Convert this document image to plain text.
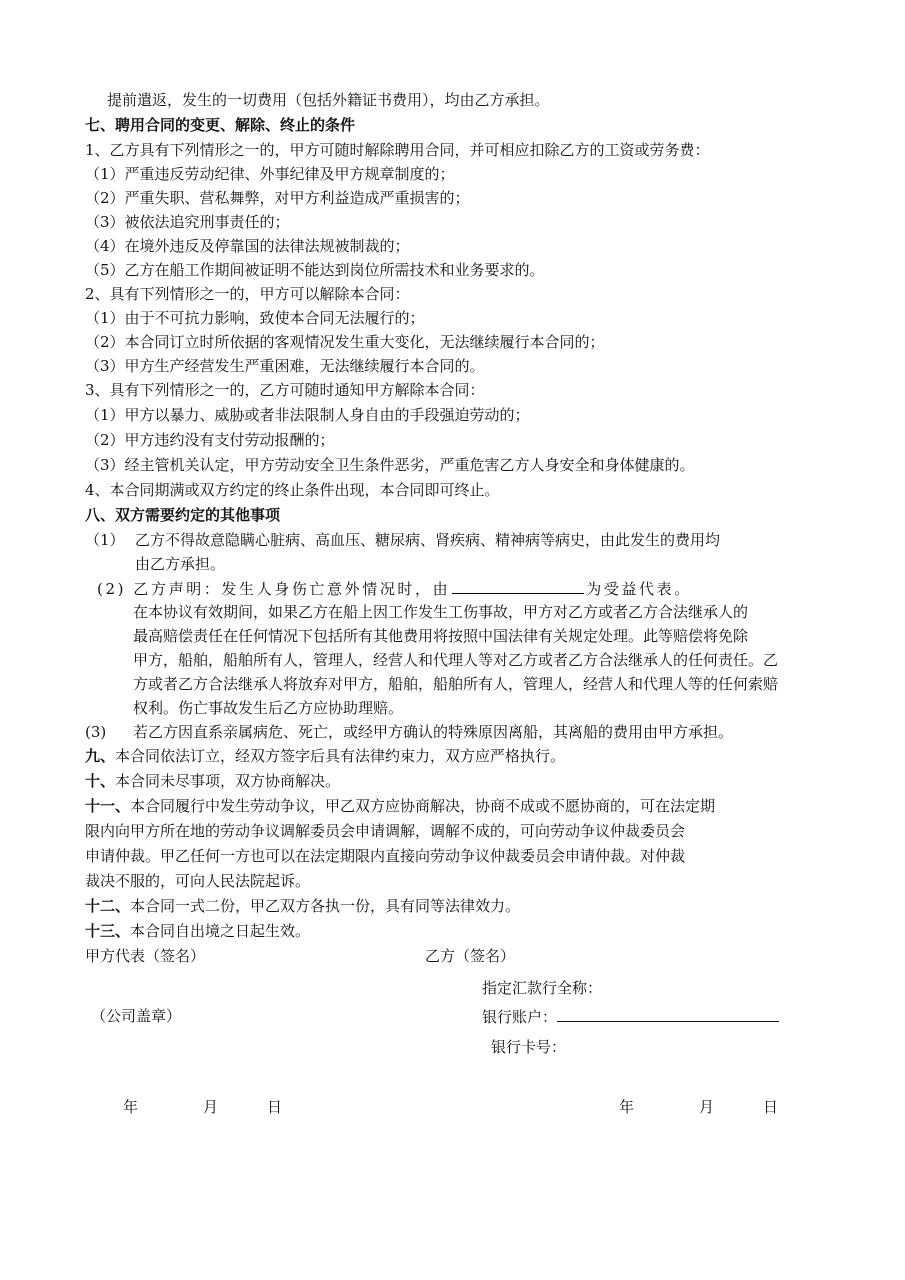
提前遣返，发生的一切费用（包括外籍证书费用），均由乙方承担。
七、聘用合同的变更、解除、终止的条件
1、乙方具有下列情形之一的，甲方可随时解除聘用合同，并可相应扣除乙方的工资或劳务费：
（1）严重违反劳动纪律、外事纪律及甲方规章制度的；
（2）严重失职、营私舞弊，对甲方利益造成严重损害的；
（3）被依法追究刑事责任的；
（4）在境外违反及停靠国的法律法规被制裁的；
（5）乙方在船工作期间被证明不能达到岗位所需技术和业务要求的。
2、具有下列情形之一的，甲方可以解除本合同：
（1）由于不可抗力影响，致使本合同无法履行的；
（2）本合同订立时所依据的客观情况发生重大变化，无法继续履行本合同的；
（3）甲方生产经营发生严重困难，无法继续履行本合同的。
3、具有下列情形之一的，乙方可随时通知甲方解除本合同：
（1）甲方以暴力、威胁或者非法限制人身自由的手段强迫劳动的；
（2）甲方违约没有支付劳动报酬的；
（3）经主管机关认定，甲方劳动安全卫生条件恶劣，严重危害乙方人身安全和身体健康的。
4、本合同期满或双方约定的终止条件出现，本合同即可终止。
八、双方需要约定的其他事项
（1） 乙方不得故意隐瞒心脏病、高血压、糖尿病、肾疾病、精神病等病史，由此发生的费用均
由乙方承担。
(2) 乙方声明：发生人身伤亡意外情况时，由	为受益代表。
在本协议有效期间，如果乙方在船上因工作发生工伤事故，甲方对乙方或者乙方合法继承人的
最高赔偿责任在任何情况下包括所有其他费用将按照中国法律有关规定处理。此等赔偿将免除
甲方，船舶，船舶所有人，管理人，经营人和代理人等对乙方或者乙方合法继承人的任何责任。乙
方或者乙方合法继承人将放弃对甲方，船舶，船舶所有人，管理人，经营人和代理人等的任何索赔
权利。伤亡事故发生后乙方应协助理赔。
(3) 若乙方因直系亲属病危、死亡，或经甲方确认的特殊原因离船，其离船的费用由甲方承担。
九、本合同依法订立，经双方签字后具有法律约束力，双方应严格执行。
十、本合同未尽事项，双方协商解决。
十一、本合同履行中发生劳动争议，甲乙双方应协商解决，协商不成或不愿协商的，可在法定期
限内向甲方所在地的劳动争议调解委员会申请调解，调解不成的，可向劳动争议仲裁委员会
申请仲裁。甲乙任何一方也可以在法定期限内直接向劳动争议仲裁委员会申请仲裁。对仲裁
裁决不服的，可向人民法院起诉。
十二、本合同一式二份，甲乙双方各执一份，具有同等法律效力。
十三、本合同自出境之日起生效。
甲方代表（签名）	乙方（签名）
指定汇款行全称：
（公司盖章）	银行账户：
银行卡号：
年	月	日	年	月	日
